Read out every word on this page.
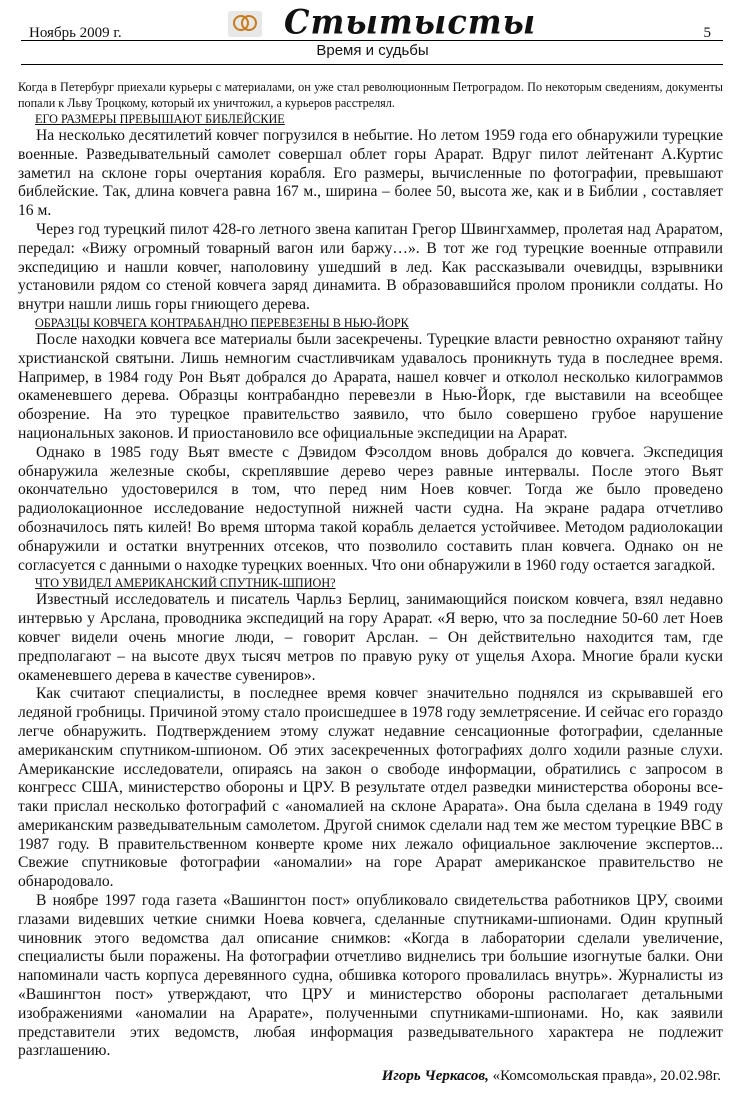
Ноябрь 2009 г.	Сmыmысmы	5
Время и судьбы

Когда в Петербург приехали курьеры с материалами, он уже стал революционным Петроградом. По некоторым сведениям, документы попали к Льву Троцкому, который их уничтожил, а курьеров расстрелял.

ЕГО РАЗМЕРЫ ПРЕВЫШАЮТ БИБЛЕЙСКИЕ

На несколько десятилетий ковчег погрузился в небытие. Но летом 1959 года его обнаружили турецкие военные. Разведывательный самолет совершал облет горы Арарат. Вдруг пилот лейтенант А.Куртис заметил на склоне горы очертания корабля. Его размеры, вычисленные по фотографии, превышают библейские. Так, длина ковчега равна 167 м., ширина – более 50, высота же, как и в Библии , составляет 16 м.

Через год турецкий пилот 428-го летного звена капитан Грегор Швингхаммер, пролетая над Араратом, передал: «Вижу огромный товарный вагон или баржу…». В тот же год турецкие военные отправили экспедицию и нашли ковчег, наполовину ушедший в лед. Как рассказывали очевидцы, взрывники установили рядом со стеной ковчега заряд динамита. В образовавшийся пролом проникли солдаты. Но внутри нашли лишь горы гниющего дерева.

ОБРАЗЦЫ КОВЧЕГА КОНТРАБАНДНО ПЕРЕВЕЗЕНЫ В НЬЮ-ЙОРК

После находки ковчега все материалы были засекречены. Турецкие власти ревностно охраняют тайну христианской святыни. Лишь немногим счастливчикам удавалось проникнуть туда в последнее время. Например, в 1984 году Рон Вьят добрался до Арарата, нашел ковчег и отколол несколько килограммов окаменевшего дерева. Образцы контрабандно перевезли в Нью-Йорк, где выставили на всеобщее обозрение. На это турецкое правительство заявило, что было совершено грубое нарушение национальных законов. И приостановило все официальные экспедиции на Арарат.

Однако в 1985 году Вьят вместе с Дэвидом Фэсолдом вновь добрался до ковчега. Экспедиция обнаружила железные скобы, скреплявшие дерево через равные интервалы. После этого Вьят окончательно удостоверился в том, что перед ним Ноев ковчег. Тогда же было проведено радиолокационное исследование недоступной нижней части судна. На экране радара отчетливо обозначилось пять килей! Во время шторма такой корабль делается устойчивее. Методом радиолокации обнаружили и остатки внутренних отсеков, что позволило составить план ковчега. Однако он не согласуется с данными о находке турецких военных. Что они обнаружили в 1960 году остается загадкой.

ЧТО УВИДЕЛ АМЕРИКАНСКИЙ СПУТНИК-ШПИОН?

Известный исследователь и писатель Чарльз Берлиц, занимающийся поиском ковчега, взял недавно интервью у Арслана, проводника экспедиций на гору Арарат. «Я верю, что за последние 50-60 лет Ноев ковчег видели очень многие люди, – говорит Арслан. – Он действительно находится там, где предполагают – на высоте двух тысяч метров по правую руку от ущелья Ахора. Многие брали куски окаменевшего дерева в качестве сувениров».

Как считают специалисты, в последнее время ковчег значительно поднялся из скрывавшей его ледяной гробницы. Причиной этому стало происшедшее в 1978 году землетрясение. И сейчас его гораздо легче обнаружить. Подтверждением этому служат недавние сенсационные фотографии, сделанные американским спутником-шпионом. Об этих засекреченных фотографиях долго ходили разные слухи. Американские исследователи, опираясь на закон о свободе информации, обратились с запросом в конгресс США, министерство обороны и ЦРУ. В результате отдел разведки министерства обороны все-таки прислал несколько фотографий с «аномалией на склоне Арарата». Она была сделана в 1949 году американским разведывательным самолетом. Другой снимок сделали над тем же местом турецкие ВВС в 1987 году. В правительственном конверте кроме них лежало официальное заключение экспертов... Свежие спутниковые фотографии «аномалии» на горе Арарат американское правительство не обнародовало.

В ноябре 1997 года газета «Вашингтон пост» опубликовало свидетельства работников ЦРУ, своими глазами видевших четкие снимки Ноева ковчега, сделанные спутниками-шпионами. Один крупный чиновник этого ведомства дал описание снимков: «Когда в лаборатории сделали увеличение, специалисты были поражены. На фотографии отчетливо виднелись три большие изогнутые балки. Они напоминали часть корпуса деревянного судна, обшивка которого провалилась внутрь». Журналисты из «Вашингтон пост» утверждают, что ЦРУ и министерство обороны располагает детальными изображениями «аномалии на Арарате», полученными спутниками-шпионами. Но, как заявили представители этих ведомств, любая информация разведывательного характера не подлежит разглашению.

Игорь Черкасов, «Комсомольская правда», 20.02.98г.
